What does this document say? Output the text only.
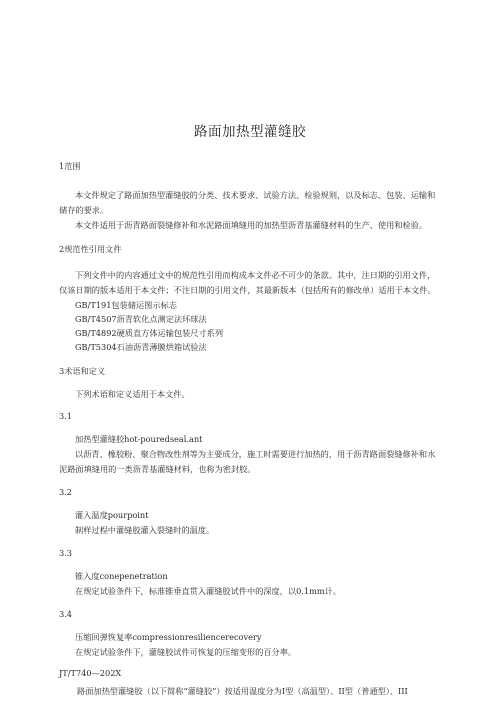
路面加热型灌缝胶
1范围
本文件规定了路面加热型灌缝胶的分类、技术要求、试验方法、检验规则，以及标志、包装、运输和
储存的要求。
本文件适用于沥青路面裂缝修补和水泥路面填缝用的加热型沥青基灌缝材料的生产、使用和检验。
2规范性引用文件
下列文件中的内容通过文中的规范性引用而构成本文件必不可少的条款。其中，注日期的引用文件，
仅该日期的版本适用于本文件；不注日期的引用文件，其最新版本（包括所有的修改单）适用于本文件。
GB/T191包装储运图示标志
GB/T4507沥青软化点测定法环球法
GB/T4892硬质直方体运输包装尺寸系列
GB/T5304石油沥青薄膜烘箱试验法
3术语和定义
下列术语和定义适用于本文件。
3.1
加热型灌缝胶hot-pouredseal.ant
以沥青、橡胶粉、聚合物改性剂等为主要成分，施工时需要进行加热的，用于沥青路面裂缝修补和水
泥路面填缝用的一类沥青基灌缝材料，也称为密封胶。
3.2
灌入温度pourpoint
制样过程中灌缝胶灌入裂缝时的温度。
3.3
锥入度conepenetration
在规定试验条件下，标准锥垂直贯入灌缝胶试件中的深度，以0.1mm计。
3.4
压缩回弹恢复率compressionresiliencerecovery
在规定试验条件下，灌缝胶试件可恢复的压缩变形的百分率。
JT/T740—202X
路面加热型灌缝胶（以下简称“灌缝胶”）按适用温度分为I型（高温型）、II型（普通型）、III
